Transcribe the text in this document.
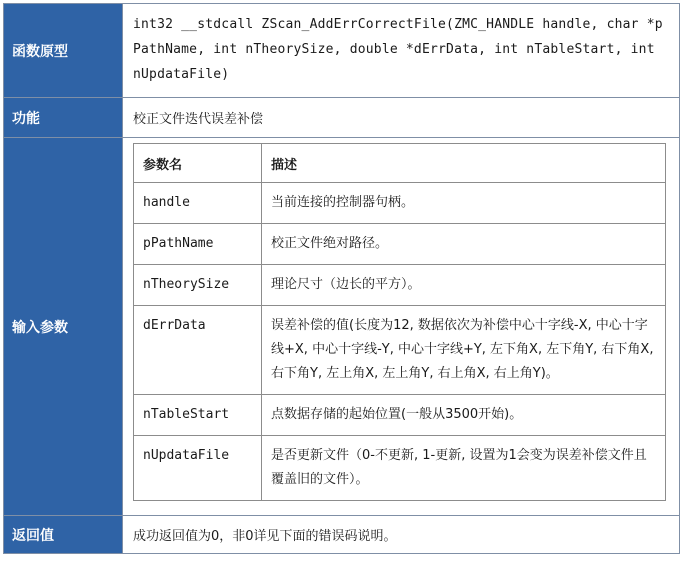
函数原型	int32 __stdcall ZScan_AddErrCorrectFile(ZMC_HANDLE handle, char *pPathName, int nTheorySize, double *dErrData, int nTableStart, int nUpdataFile)
功能	校正文件迭代误差补偿
输入参数	
参数名	描述
handle	当前连接的控制器句柄。
pPathName	校正文件绝对路径。
nTheorySize	理论尺寸（边长的平方）。
dErrData	误差补偿的值(长度为12, 数据依次为补偿中心十字线-X, 中心十字线+X, 中心十字线-Y, 中心十字线+Y, 左下角X, 左下角Y, 右下角X, 右下角Y, 左上角X, 左上角Y, 右上角X, 右上角Y)。
nTableStart	点数据存储的起始位置(一般从3500开始)。
nUpdataFile	是否更新文件（0-不更新, 1-更新, 设置为1会变为误差补偿文件且覆盖旧的文件）。

返回值	成功返回值为0，非0详见下面的错误码说明。
